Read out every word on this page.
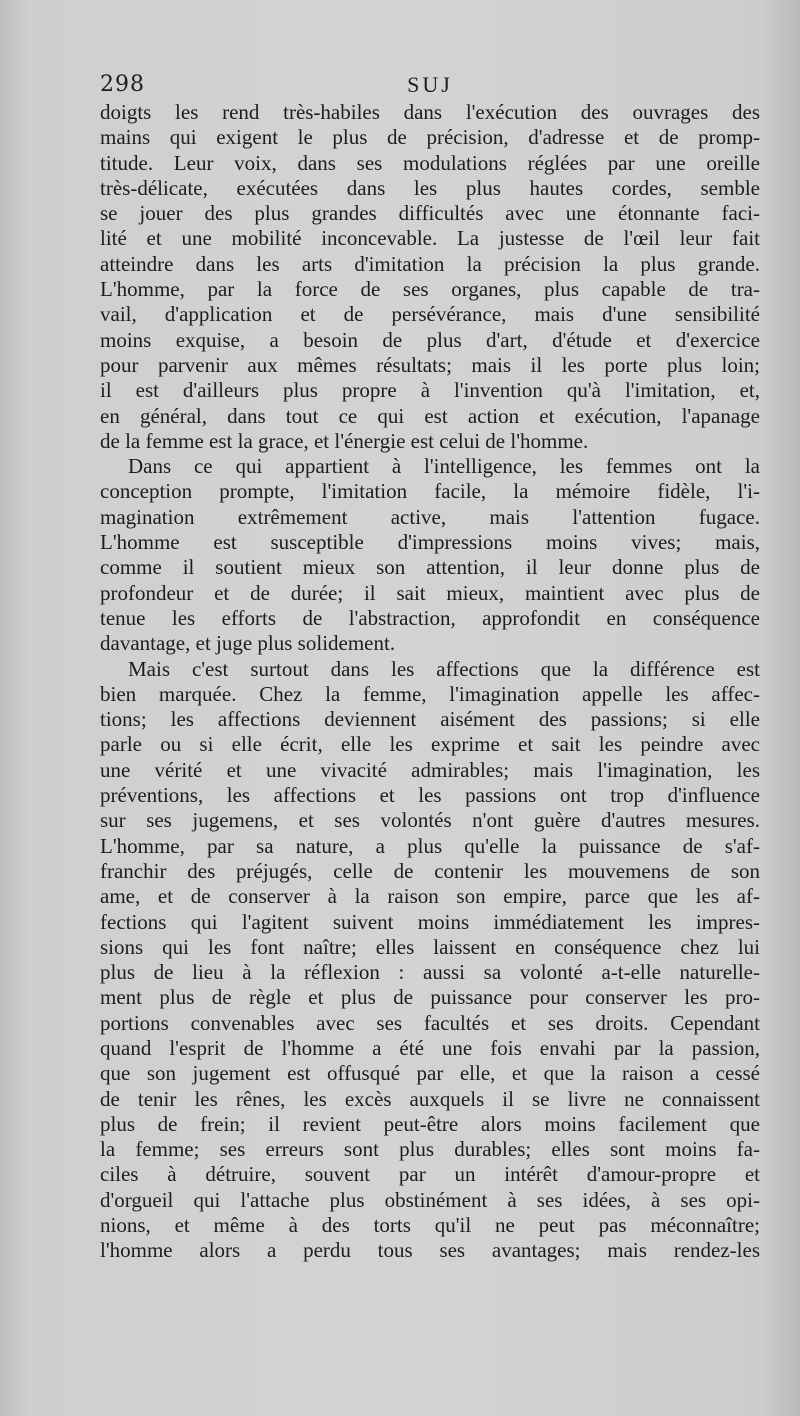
298	SUJ
doigts les rend très-habiles dans l'exécution des ouvrages des
mains qui exigent le plus de précision, d'adresse et de promp-
titude. Leur voix, dans ses modulations réglées par une oreille
très-délicate, exécutées dans les plus hautes cordes, semble
se jouer des plus grandes difficultés avec une étonnante faci-
lité et une mobilité inconcevable. La justesse de l'œil leur fait
atteindre dans les arts d'imitation la précision la plus grande.
L'homme, par la force de ses organes, plus capable de tra-
vail, d'application et de persévérance, mais d'une sensibilité
moins exquise, a besoin de plus d'art, d'étude et d'exercice
pour parvenir aux mêmes résultats; mais il les porte plus loin;
il est d'ailleurs plus propre à l'invention qu'à l'imitation, et,
en général, dans tout ce qui est action et exécution, l'apanage
de la femme est la grace, et l'énergie est celui de l'homme.
Dans ce qui appartient à l'intelligence, les femmes ont la
conception prompte, l'imitation facile, la mémoire fidèle, l'i-
magination extrêmement active, mais l'attention fugace.
L'homme est susceptible d'impressions moins vives; mais,
comme il soutient mieux son attention, il leur donne plus de
profondeur et de durée; il sait mieux, maintient avec plus de
tenue les efforts de l'abstraction, approfondit en conséquence
davantage, et juge plus solidement.
Mais c'est surtout dans les affections que la différence est
bien marquée. Chez la femme, l'imagination appelle les affec-
tions; les affections deviennent aisément des passions; si elle
parle ou si elle écrit, elle les exprime et sait les peindre avec
une vérité et une vivacité admirables; mais l'imagination, les
préventions, les affections et les passions ont trop d'influence
sur ses jugemens, et ses volontés n'ont guère d'autres mesures.
L'homme, par sa nature, a plus qu'elle la puissance de s'af-
franchir des préjugés, celle de contenir les mouvemens de son
ame, et de conserver à la raison son empire, parce que les af-
fections qui l'agitent suivent moins immédiatement les impres-
sions qui les font naître; elles laissent en conséquence chez lui
plus de lieu à la réflexion : aussi sa volonté a-t-elle naturelle-
ment plus de règle et plus de puissance pour conserver les pro-
portions convenables avec ses facultés et ses droits. Cependant
quand l'esprit de l'homme a été une fois envahi par la passion,
que son jugement est offusqué par elle, et que la raison a cessé
de tenir les rênes, les excès auxquels il se livre ne connaissent
plus de frein; il revient peut-être alors moins facilement que
la femme; ses erreurs sont plus durables; elles sont moins fa-
ciles à détruire, souvent par un intérêt d'amour-propre et
d'orgueil qui l'attache plus obstinément à ses idées, à ses opi-
nions, et même à des torts qu'il ne peut pas méconnaître;
l'homme alors a perdu tous ses avantages; mais rendez-les
